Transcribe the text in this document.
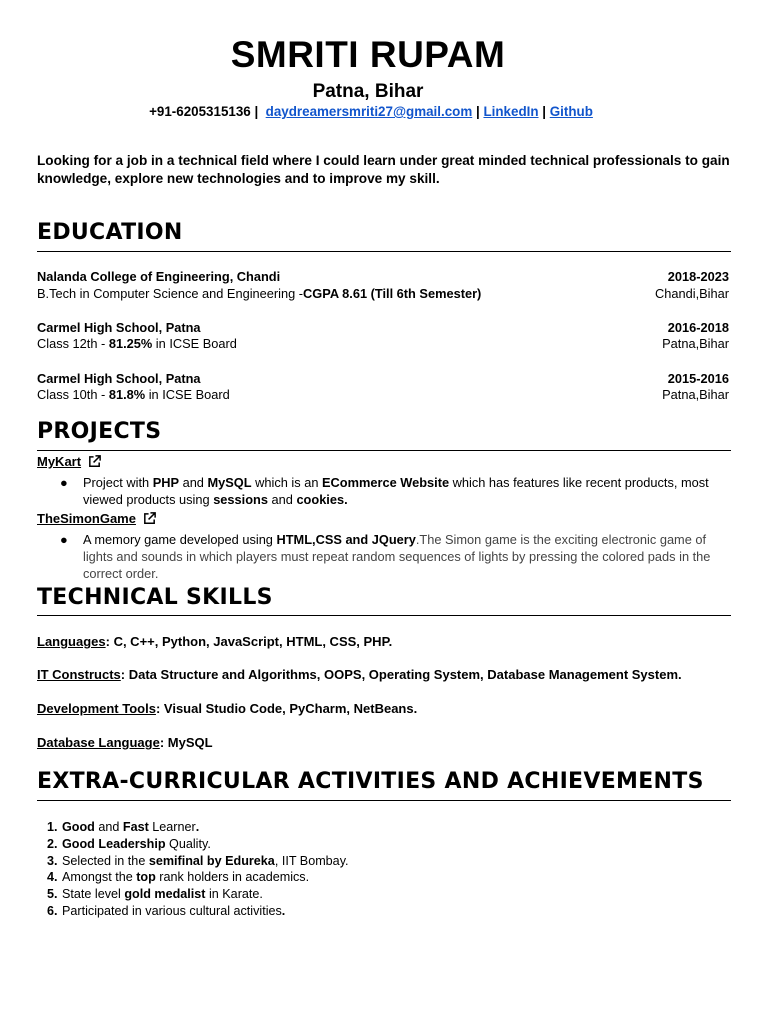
SMRITI RUPAM
Patna, Bihar
+91-6205315136 | daydreamersmriti27@gmail.com | LinkedIn | Github
Looking for a job in a technical field where I could learn under great minded technical professionals to gain knowledge, explore new technologies and to improve my skill.
EDUCATION
Nalanda College of Engineering, Chandi	2018-2023
B.Tech in Computer Science and Engineering -CGPA 8.61 (Till 6th Semester)	Chandi,Bihar
Carmel High School, Patna	2016-2018
Class 12th - 81.25% in ICSE Board	Patna,Bihar
Carmel High School, Patna	2015-2016
Class 10th - 81.8% in ICSE Board	Patna,Bihar
PROJECTS
MyKart
●	Project with PHP and MySQL which is an ECommerce Website which has features like recent products, most viewed products using sessions and cookies.
TheSimonGame
●	A memory game developed using HTML,CSS and JQuery.The Simon game is the exciting electronic game of lights and sounds in which players must repeat random sequences of lights by pressing the colored pads in the correct order.
TECHNICAL SKILLS
Languages: C, C++, Python, JavaScript, HTML, CSS, PHP.
IT Constructs: Data Structure and Algorithms, OOPS, Operating System, Database Management System.
Development Tools: Visual Studio Code, PyCharm, NetBeans.
Database Language: MySQL
EXTRA-CURRICULAR ACTIVITIES AND ACHIEVEMENTS
1. Good and Fast Learner.
2. Good Leadership Quality.
3. Selected in the semifinal by Edureka, IIT Bombay.
4. Amongst the top rank holders in academics.
5. State level gold medalist in Karate.
6. Participated in various cultural activities.
